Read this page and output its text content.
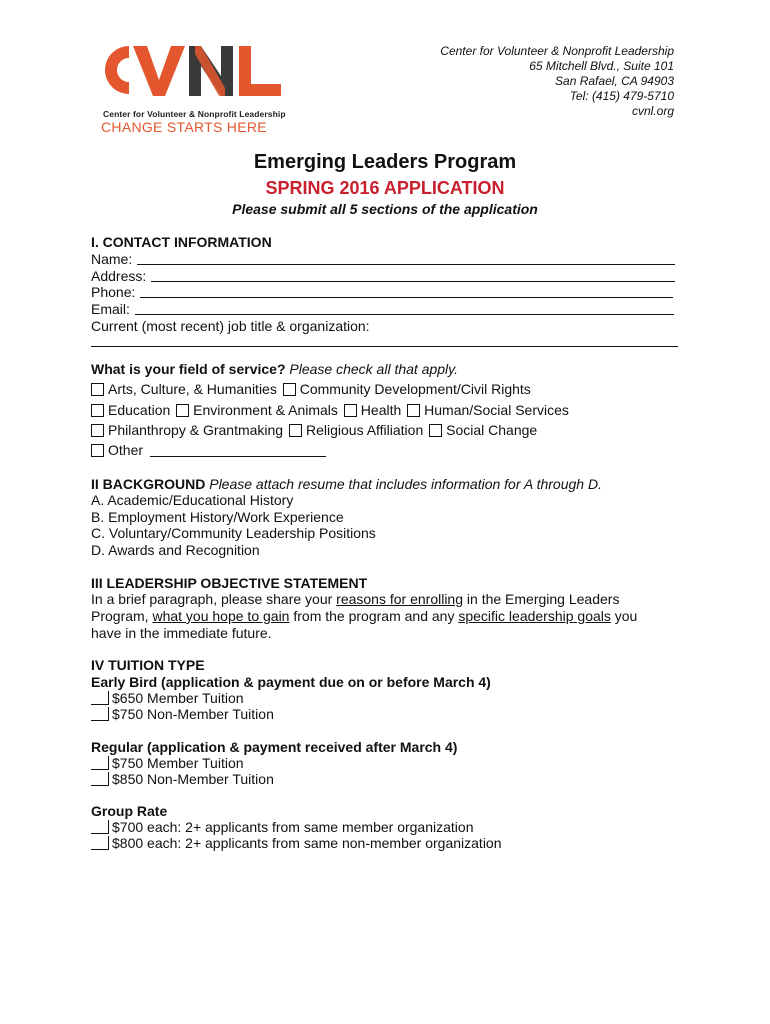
Center for Volunteer & Nonprofit Leadership
CHANGE STARTS HERE
Center for Volunteer & Nonprofit Leadership
65 Mitchell Blvd., Suite 101
San Rafael, CA 94903
Tel: (415) 479-5710
cvnl.org
Emerging Leaders Program
SPRING 2016 APPLICATION
Please submit all 5 sections of the application
I. CONTACT INFORMATION
Name:
Address:
Phone:
Email:
Current (most recent) job title & organization:
What is your field of service? Please check all that apply.
Arts, Culture, & Humanities Community Development/Civil Rights
Education Environment & Animals Health Human/Social Services
Philanthropy & Grantmaking Religious Affiliation Social Change
Other
II BACKGROUND Please attach resume that includes information for A through D.
A. Academic/Educational History
B. Employment History/Work Experience
C. Voluntary/Community Leadership Positions
D. Awards and Recognition
III LEADERSHIP OBJECTIVE STATEMENT
In a brief paragraph, please share your reasons for enrolling in the Emerging Leaders
Program, what you hope to gain from the program and any specific leadership goals you
have in the immediate future.
IV TUITION TYPE
Early Bird (application & payment due on or before March 4)
$650 Member Tuition
$750 Non-Member Tuition
Regular (application & payment received after March 4)
$750 Member Tuition
$850 Non-Member Tuition
Group Rate
$700 each: 2+ applicants from same member organization
$800 each: 2+ applicants from same non-member organization
